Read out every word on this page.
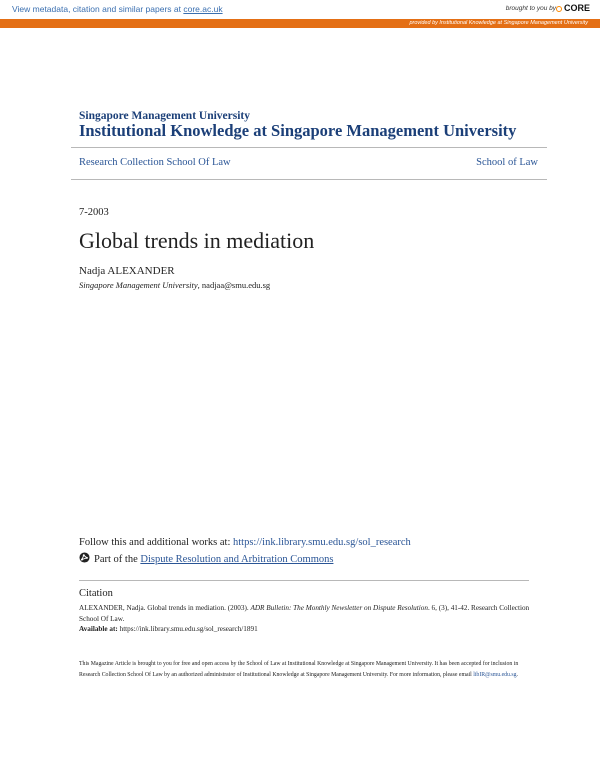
View metadata, citation and similar papers at core.ac.uk	brought to you by CORE
provided by Institutional Knowledge at Singapore Management University
Singapore Management University
Institutional Knowledge at Singapore Management University
Research Collection School Of Law	School of Law
7-2003
Global trends in mediation
Nadja ALEXANDER
Singapore Management University, nadjaa@smu.edu.sg
Follow this and additional works at: https://ink.library.smu.edu.sg/sol_research
Part of the Dispute Resolution and Arbitration Commons
Citation
ALEXANDER, Nadja. Global trends in mediation. (2003). ADR Bulletin: The Monthly Newsletter on Dispute Resolution. 6, (3), 41-42. Research Collection School Of Law.
Available at: https://ink.library.smu.edu.sg/sol_research/1891
This Magazine Article is brought to you for free and open access by the School of Law at Institutional Knowledge at Singapore Management University. It has been accepted for inclusion in Research Collection School Of Law by an authorized administrator of Institutional Knowledge at Singapore Management University. For more information, please email libIR@smu.edu.sg.
